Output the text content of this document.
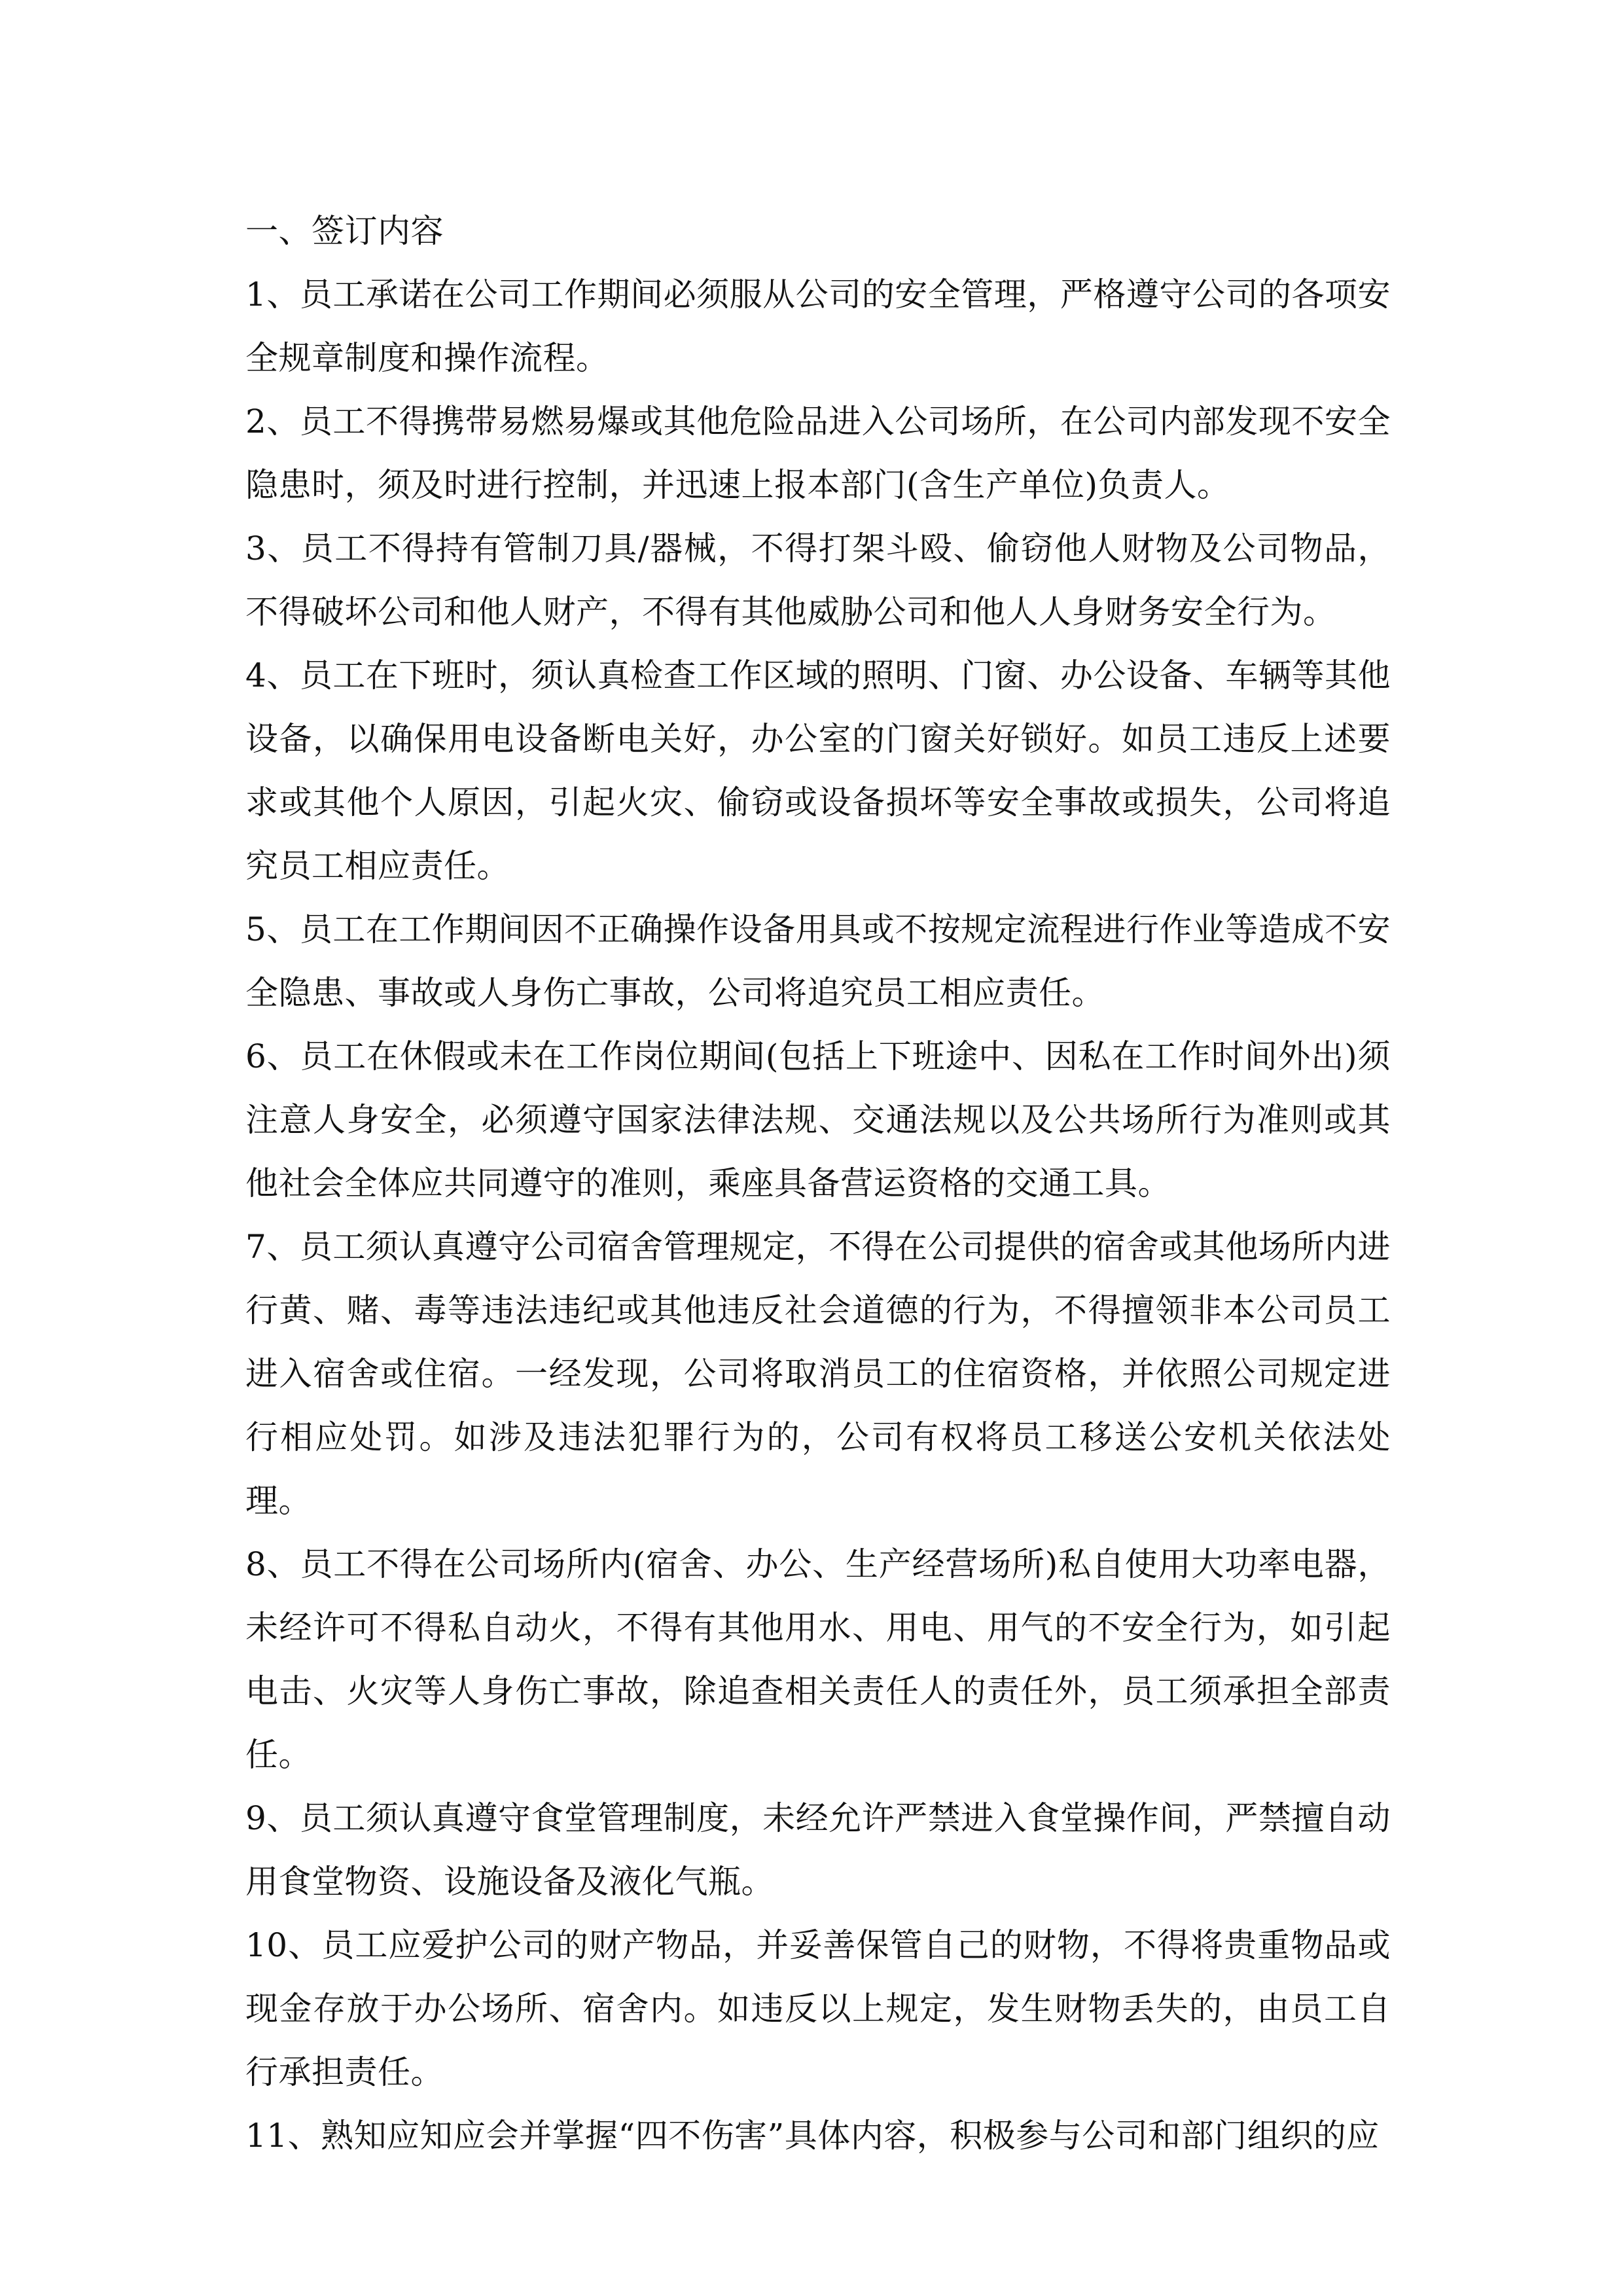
一、签订内容

1、员工承诺在公司工作期间必须服从公司的安全管理，严格遵守公司的各项安全规章制度和操作流程。

2、员工不得携带易燃易爆或其他危险品进入公司场所，在公司内部发现不安全隐患时，须及时进行控制，并迅速上报本部门(含生产单位)负责人。

3、员工不得持有管制刀具/器械，不得打架斗殴、偷窃他人财物及公司物品，不得破坏公司和他人财产，不得有其他威胁公司和他人人身财务安全行为。

4、员工在下班时，须认真检查工作区域的照明、门窗、办公设备、车辆等其他设备，以确保用电设备断电关好，办公室的门窗关好锁好。如员工违反上述要求或其他个人原因，引起火灾、偷窃或设备损坏等安全事故或损失，公司将追究员工相应责任。

5、员工在工作期间因不正确操作设备用具或不按规定流程进行作业等造成不安全隐患、事故或人身伤亡事故，公司将追究员工相应责任。

6、员工在休假或未在工作岗位期间(包括上下班途中、因私在工作时间外出)须注意人身安全，必须遵守国家法律法规、交通法规以及公共场所行为准则或其他社会全体应共同遵守的准则，乘座具备营运资格的交通工具。

7、员工须认真遵守公司宿舍管理规定，不得在公司提供的宿舍或其他场所内进行黄、赌、毒等违法违纪或其他违反社会道德的行为，不得擅领非本公司员工进入宿舍或住宿。一经发现，公司将取消员工的住宿资格，并依照公司规定进行相应处罚。如涉及违法犯罪行为的，公司有权将员工移送公安机关依法处理。

8、员工不得在公司场所内(宿舍、办公、生产经营场所)私自使用大功率电器，未经许可不得私自动火，不得有其他用水、用电、用气的不安全行为，如引起电击、火灾等人身伤亡事故，除追查相关责任人的责任外，员工须承担全部责任。

9、员工须认真遵守食堂管理制度，未经允许严禁进入食堂操作间，严禁擅自动用食堂物资、设施设备及液化气瓶。

10、员工应爱护公司的财产物品，并妥善保管自己的财物，不得将贵重物品或现金存放于办公场所、宿舍内。如违反以上规定，发生财物丢失的，由员工自行承担责任。

11、熟知应知应会并掌握“四不伤害”具体内容，积极参与公司和部门组织的应
